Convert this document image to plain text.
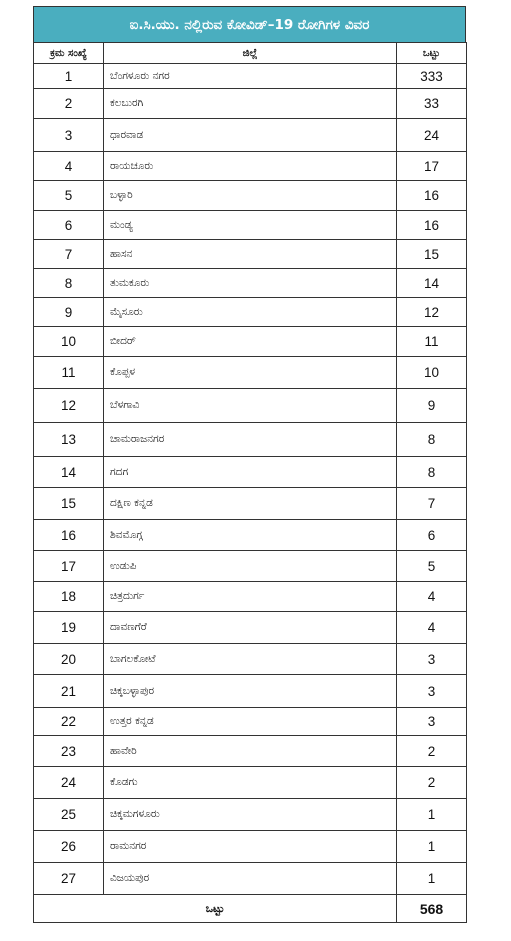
ಐ.ಸಿ.ಯು. ನಲ್ಲಿರುವ ಕೋವಿಡ್–19 ರೋಗಿಗಳ ವಿವರ
ಕ್ರಮ ಸಂಖ್ಯೆ	ಜಿಲ್ಲೆ	ಒಟ್ಟು
1	ಬೆಂಗಳೂರು ನಗರ	333
2	ಕಲಬುರಗಿ	33
3	ಧಾರವಾಡ	24
4	ರಾಯಚೂರು	17
5	ಬಳ್ಳಾರಿ	16
6	ಮಂಡ್ಯ	16
7	ಹಾಸನ	15
8	ತುಮಕೂರು	14
9	ಮೈಸೂರು	12
10	ಬೀದರ್	11
11	ಕೊಪ್ಪಳ	10
12	ಬೆಳಗಾವಿ	9
13	ಚಾಮರಾಜನಗರ	8
14	ಗದಗ	8
15	ದಕ್ಷಿಣ ಕನ್ನಡ	7
16	ಶಿವಮೊಗ್ಗ	6
17	ಉಡುಪಿ	5
18	ಚಿತ್ರದುರ್ಗ	4
19	ದಾವಣಗೆರೆ	4
20	ಬಾಗಲಕೋಟೆ	3
21	ಚಿಕ್ಕಬಳ್ಳಾಪುರ	3
22	ಉತ್ತರ ಕನ್ನಡ	3
23	ಹಾವೇರಿ	2
24	ಕೊಡಗು	2
25	ಚಿಕ್ಕಮಗಳೂರು	1
26	ರಾಮನಗರ	1
27	ವಿಜಯಪುರ	1
ಒಟ್ಟು		568
